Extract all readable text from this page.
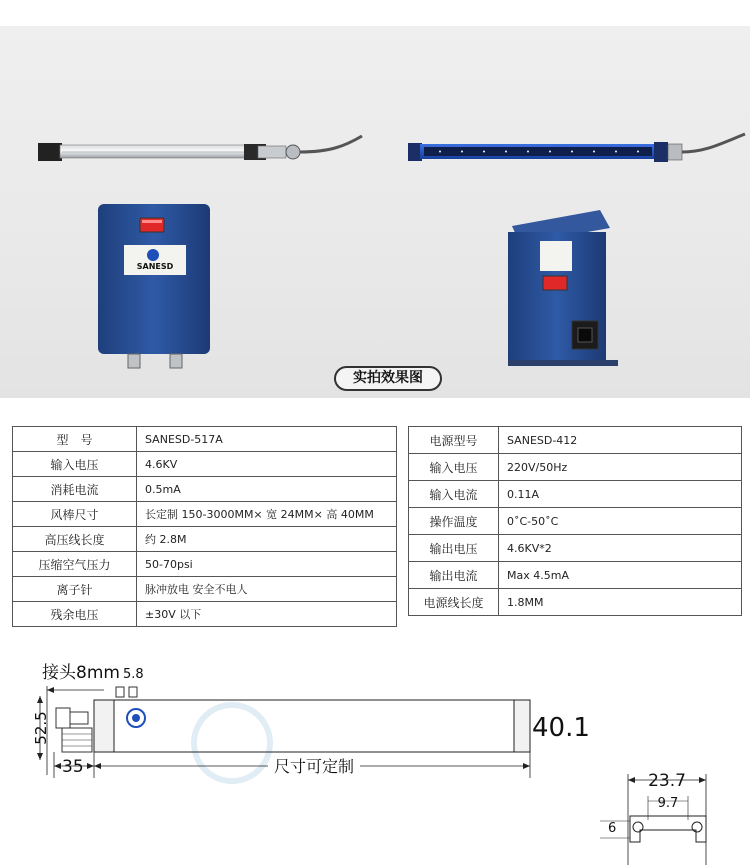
SANESD
实拍效果图
型　号	SANESD-517A
输入电压	4.6KV
消耗电流	0.5mA
风棒尺寸	长定制 150-3000MM× 宽 24MM× 高 40MM
高压线长度	约 2.8M
压缩空气压力	50-70psi
离子针	脉冲放电 安全不电人
残余电压	±30V 以下
电源型号	SANESD-412
输入电压	220V/50Hz
输入电流	0.11A
操作温度	0˚C-50˚C
输出电压	4.6KV*2
输出电流	Max 4.5mA
电源线长度	1.8MM
接头8mm 5.8
52.5	40.1
35	尺寸可定制
23.7
9.7
6
